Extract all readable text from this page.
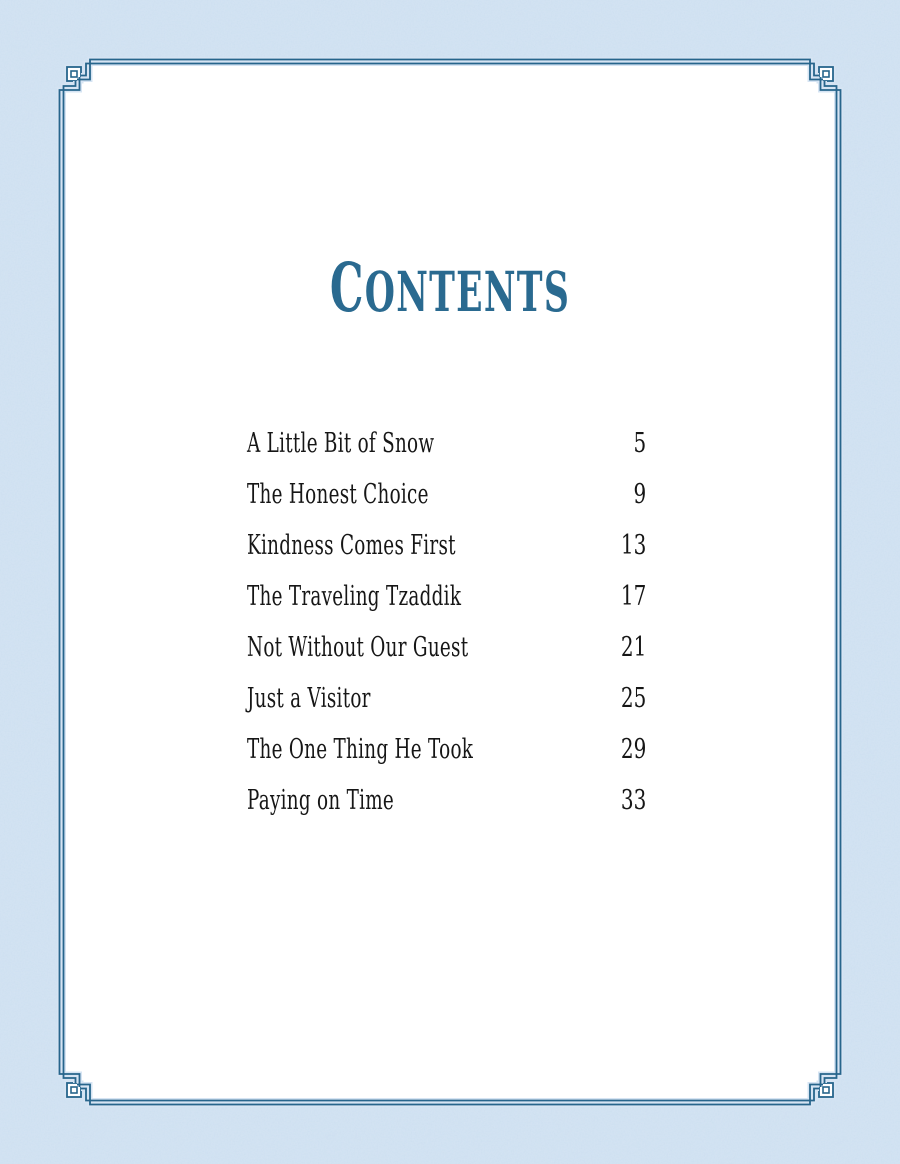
CONTENTS
A Little Bit of Snow	5
The Honest Choice	9
Kindness Comes First	13
The Traveling Tzaddik	17
Not Without Our Guest	21
Just a Visitor	25
The One Thing He Took	29
Paying on Time	33
